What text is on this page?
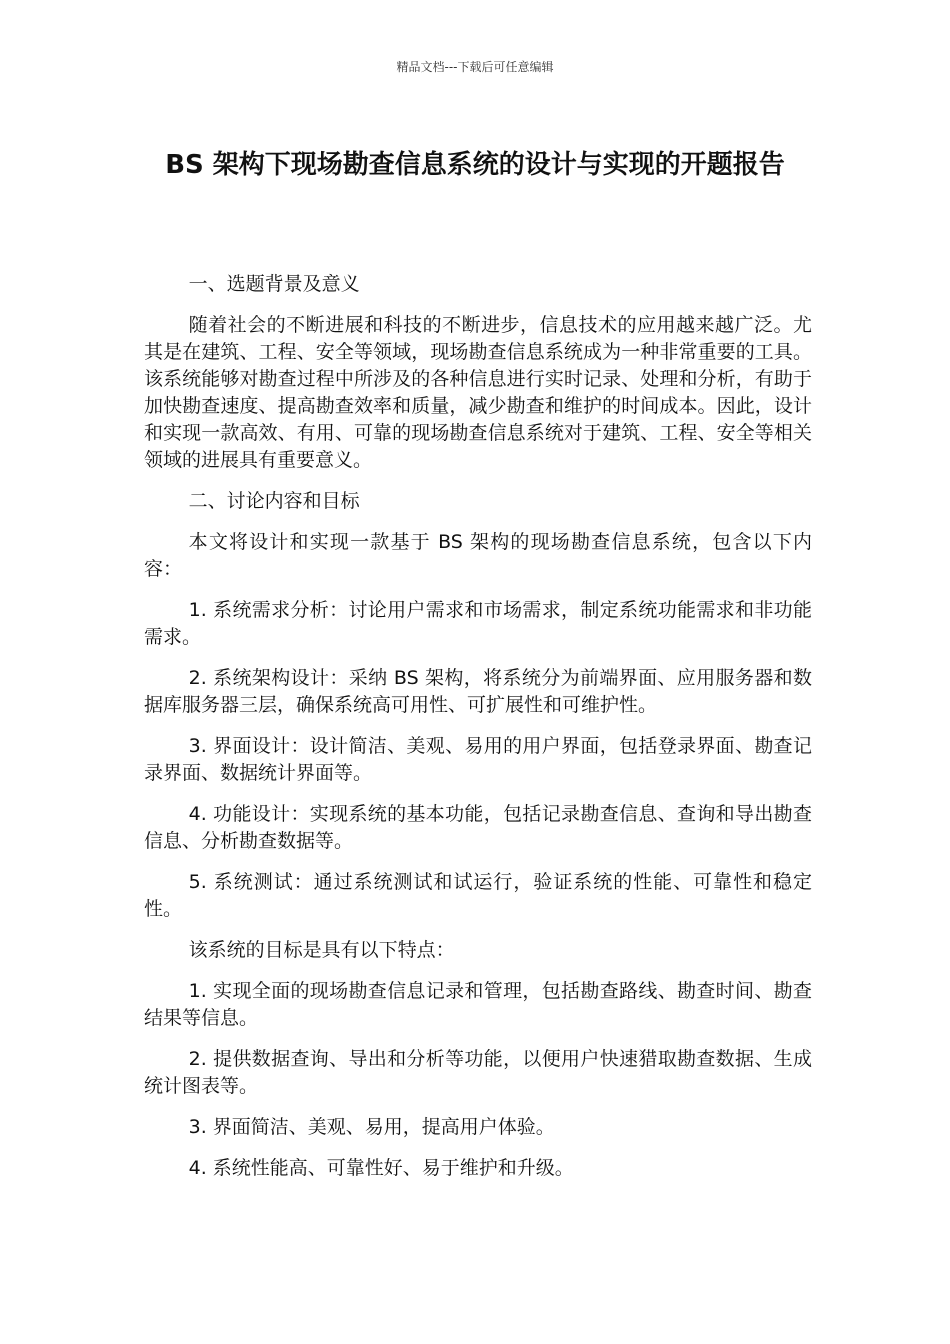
精品文档---下载后可任意编辑
BS 架构下现场勘查信息系统的设计与实现的开题报告

一、选题背景及意义

随着社会的不断进展和科技的不断进步，信息技术的应用越来越广泛。尤其是在建筑、工程、安全等领域，现场勘查信息系统成为一种非常重要的工具。该系统能够对勘查过程中所涉及的各种信息进行实时记录、处理和分析，有助于加快勘查速度、提高勘查效率和质量，减少勘查和维护的时间成本。因此，设计和实现一款高效、有用、可靠的现场勘查信息系统对于建筑、工程、安全等相关领域的进展具有重要意义。

二、讨论内容和目标

本文将设计和实现一款基于 BS 架构的现场勘查信息系统，包含以下内容：

1. 系统需求分析：讨论用户需求和市场需求，制定系统功能需求和非功能需求。

2. 系统架构设计：采纳 BS 架构，将系统分为前端界面、应用服务器和数据库服务器三层，确保系统高可用性、可扩展性和可维护性。

3. 界面设计：设计简洁、美观、易用的用户界面，包括登录界面、勘查记录界面、数据统计界面等。

4. 功能设计：实现系统的基本功能，包括记录勘查信息、查询和导出勘查信息、分析勘查数据等。

5. 系统测试：通过系统测试和试运行，验证系统的性能、可靠性和稳定性。

该系统的目标是具有以下特点：

1. 实现全面的现场勘查信息记录和管理，包括勘查路线、勘查时间、勘查结果等信息。

2. 提供数据查询、导出和分析等功能，以便用户快速猎取勘查数据、生成统计图表等。

3. 界面简洁、美观、易用，提高用户体验。

4. 系统性能高、可靠性好、易于维护和升级。
